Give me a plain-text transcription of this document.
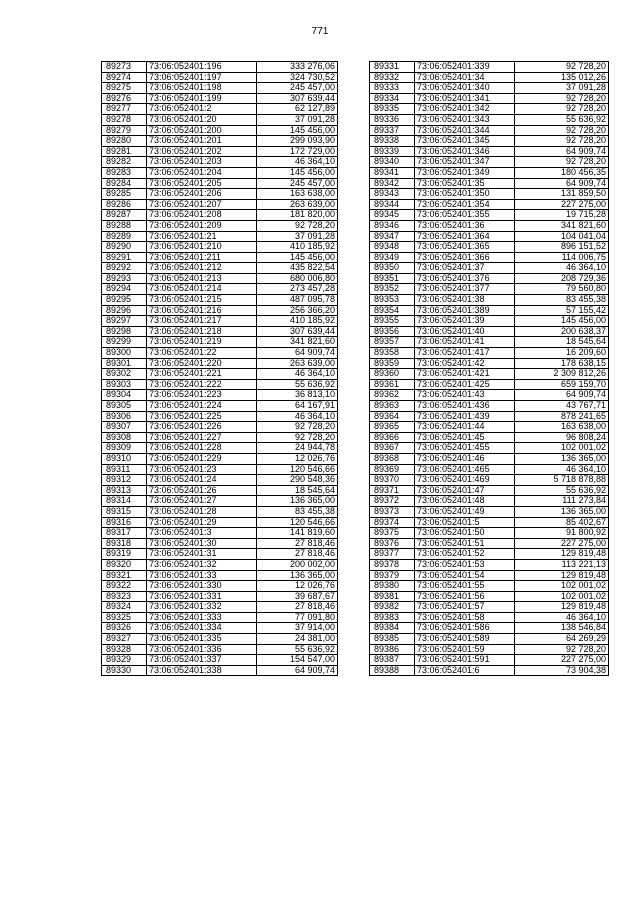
771
89273	73:06:052401:196	333 276,06
89274	73:06:052401:197	324 730,52
89275	73:06:052401:198	245 457,00
89276	73:06:052401:199	307 639,44
89277	73:06:052401:2	62 127,89
89278	73:06:052401:20	37 091,28
89279	73:06:052401:200	145 456,00
89280	73:06:052401:201	299 093,90
89281	73:06:052401:202	172 729,00
89282	73:06:052401:203	46 364,10
89283	73:06:052401:204	145 456,00
89284	73:06:052401:205	245 457,00
89285	73:06:052401:206	163 638,00
89286	73:06:052401:207	263 639,00
89287	73:06:052401:208	181 820,00
89288	73:06:052401:209	92 728,20
89289	73:06:052401:21	37 091,28
89290	73:06:052401:210	410 185,92
89291	73:06:052401:211	145 456,00
89292	73:06:052401:212	435 822,54
89293	73:06:052401:213	680 006,80
89294	73:06:052401:214	273 457,28
89295	73:06:052401:215	487 095,78
89296	73:06:052401:216	256 366,20
89297	73:06:052401:217	410 185,92
89298	73:06:052401:218	307 639,44
89299	73:06:052401:219	341 821,60
89300	73:06:052401:22	64 909,74
89301	73:06:052401:220	263 639,00
89302	73:06:052401:221	46 364,10
89303	73:06:052401:222	55 636,92
89304	73:06:052401:223	36 813,10
89305	73:06:052401:224	64 167,91
89306	73:06:052401:225	46 364,10
89307	73:06:052401:226	92 728,20
89308	73:06:052401:227	92 728,20
89309	73:06:052401:228	24 944,78
89310	73:06:052401:229	12 026,76
89311	73:06:052401:23	120 546,66
89312	73:06:052401:24	290 548,36
89313	73:06:052401:26	18 545,64
89314	73:06:052401:27	136 365,00
89315	73:06:052401:28	83 455,38
89316	73:06:052401:29	120 546,66
89317	73:06:052401:3	141 819,60
89318	73:06:052401:30	27 818,46
89319	73:06:052401:31	27 818,46
89320	73:06:052401:32	200 002,00
89321	73:06:052401:33	136 365,00
89322	73:06:052401:330	12 026,76
89323	73:06:052401:331	39 687,67
89324	73:06:052401:332	27 818,46
89325	73:06:052401:333	77 091,80
89326	73:06:052401:334	37 914,00
89327	73:06:052401:335	24 381,00
89328	73:06:052401:336	55 636,92
89329	73:06:052401:337	154 547,00
89330	73:06:052401:338	64 909,74
89331	73:06:052401:339	92 728,20
89332	73:06:052401:34	135 012,26
89333	73:06:052401:340	37 091,28
89334	73:06:052401:341	92 728,20
89335	73:06:052401:342	92 728,20
89336	73:06:052401:343	55 636,92
89337	73:06:052401:344	92 728,20
89338	73:06:052401:345	92 728,20
89339	73:06:052401:346	64 909,74
89340	73:06:052401:347	92 728,20
89341	73:06:052401:349	180 456,35
89342	73:06:052401:35	64 909,74
89343	73:06:052401:350	131 859,50
89344	73:06:052401:354	227 275,00
89345	73:06:052401:355	19 715,28
89346	73:06:052401:36	341 821,60
89347	73:06:052401:364	104 041,04
89348	73:06:052401:365	896 151,52
89349	73:06:052401:366	114 006,75
89350	73:06:052401:37	46 364,10
89351	73:06:052401:376	208 729,36
89352	73:06:052401:377	79 560,80
89353	73:06:052401:38	83 455,38
89354	73:06:052401:389	57 155,42
89355	73:06:052401:39	145 456,00
89356	73:06:052401:40	200 638,37
89357	73:06:052401:41	18 545,64
89358	73:06:052401:417	16 209,60
89359	73:06:052401:42	178 638,15
89360	73:06:052401:421	2 309 812,26
89361	73:06:052401:425	659 159,70
89362	73:06:052401:43	64 909,74
89363	73:06:052401:436	43 767,71
89364	73:06:052401:439	878 241,65
89365	73:06:052401:44	163 638,00
89366	73:06:052401:45	96 808,24
89367	73:06:052401:455	102 001,02
89368	73:06:052401:46	136 365,00
89369	73:06:052401:465	46 364,10
89370	73:06:052401:469	5 718 878,88
89371	73:06:052401:47	55 636,92
89372	73:06:052401:48	111 273,84
89373	73:06:052401:49	136 365,00
89374	73:06:052401:5	85 402,67
89375	73:06:052401:50	91 800,92
89376	73:06:052401:51	227 275,00
89377	73:06:052401:52	129 819,48
89378	73:06:052401:53	113 221,13
89379	73:06:052401:54	129 819,48
89380	73:06:052401:55	102 001,02
89381	73:06:052401:56	102 001,02
89382	73:06:052401:57	129 819,48
89383	73:06:052401:58	46 364,10
89384	73:06:052401:586	138 546,84
89385	73:06:052401:589	64 269,29
89386	73:06:052401:59	92 728,20
89387	73:06:052401:591	227 275,00
89388	73:06:052401:6	73 904,38
